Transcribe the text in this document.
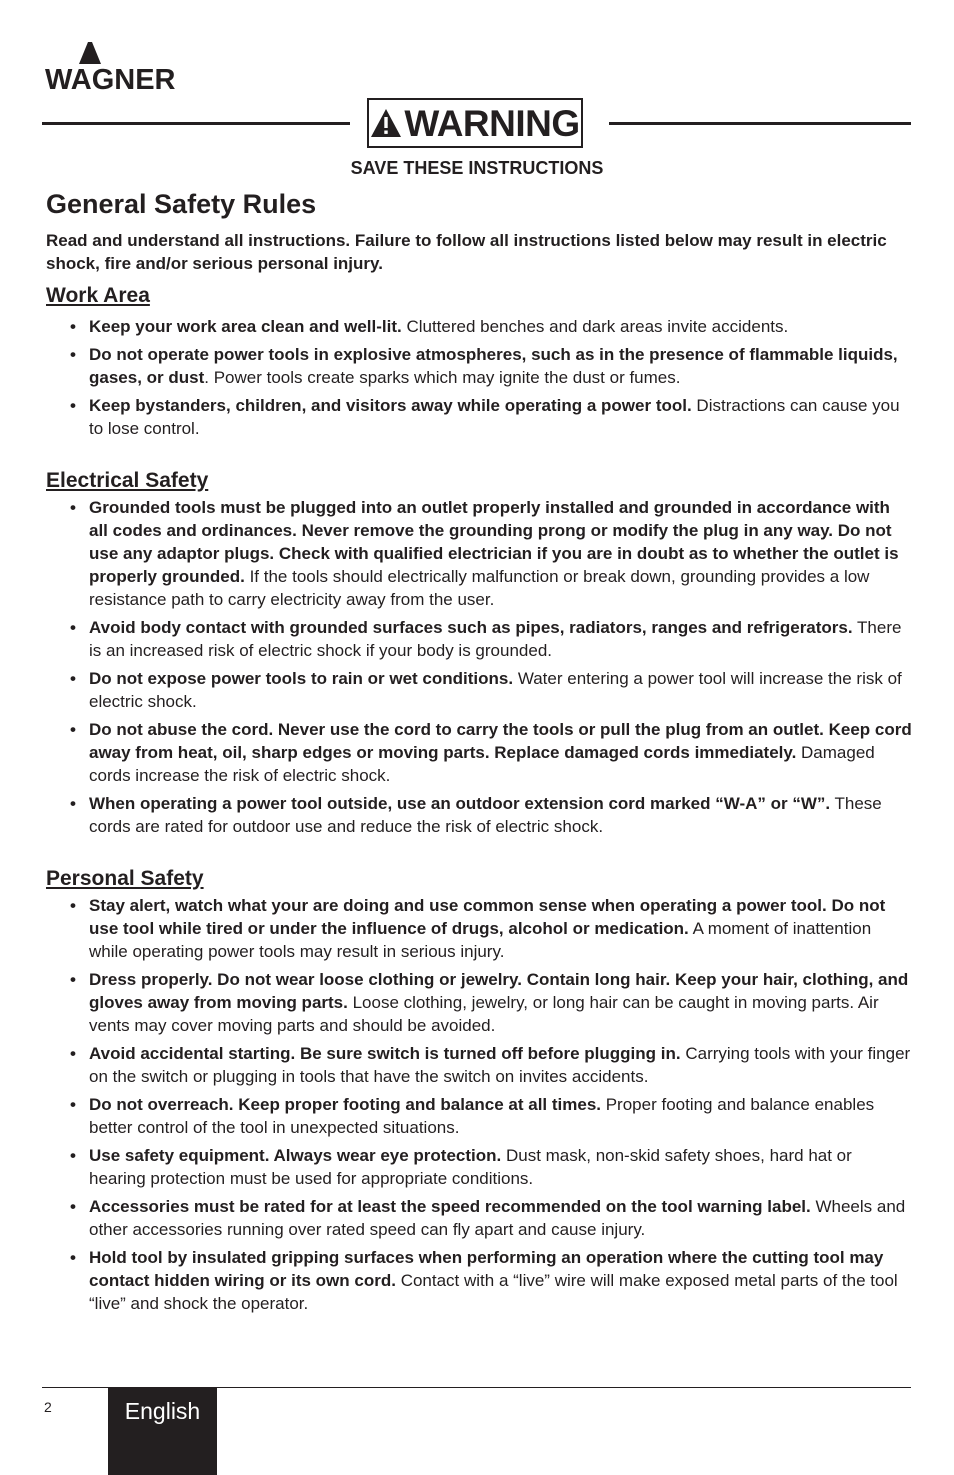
WAGNER
WARNING
SAVE THESE INSTRUCTIONS
General Safety Rules

Read and understand all instructions. Failure to follow all instructions listed below may result in electric shock, fire and/or serious personal injury.

Work Area
• Keep your work area clean and well-lit. Cluttered benches and dark areas invite accidents.
• Do not operate power tools in explosive atmospheres, such as in the presence of flammable liquids, gases, or dust. Power tools create sparks which may ignite the dust or fumes.
• Keep bystanders, children, and visitors away while operating a power tool. Distractions can cause you to lose control.
Electrical Safety
• Grounded tools must be plugged into an outlet properly installed and grounded in accordance with all codes and ordinances. Never remove the grounding prong or modify the plug in any way. Do not use any adaptor plugs. Check with qualified electrician if you are in doubt as to whether the outlet is properly grounded. If the tools should electrically malfunction or break down, grounding provides a low resistance path to carry electricity away from the user.
• Avoid body contact with grounded surfaces such as pipes, radiators, ranges and refrigerators. There is an increased risk of electric shock if your body is grounded.
• Do not expose power tools to rain or wet conditions. Water entering a power tool will increase the risk of electric shock.
• Do not abuse the cord. Never use the cord to carry the tools or pull the plug from an outlet. Keep cord away from heat, oil, sharp edges or moving parts. Replace damaged cords immediately. Damaged cords increase the risk of electric shock.
• When operating a power tool outside, use an outdoor extension cord marked “W-A” or “W”. These cords are rated for outdoor use and reduce the risk of electric shock.
Personal Safety
• Stay alert, watch what your are doing and use common sense when operating a power tool. Do not use tool while tired or under the influence of drugs, alcohol or medication. A moment of inattention while operating power tools may result in serious injury.
• Dress properly. Do not wear loose clothing or jewelry. Contain long hair. Keep your hair, clothing, and gloves away from moving parts. Loose clothing, jewelry, or long hair can be caught in moving parts. Air vents may cover moving parts and should be avoided.
• Avoid accidental starting. Be sure switch is turned off before plugging in. Carrying tools with your finger on the switch or plugging in tools that have the switch on invites accidents.
• Do not overreach. Keep proper footing and balance at all times. Proper footing and balance enables better control of the tool in unexpected situations.
• Use safety equipment. Always wear eye protection. Dust mask, non-skid safety shoes, hard hat or hearing protection must be used for appropriate conditions.
• Accessories must be rated for at least the speed recommended on the tool warning label. Wheels and other accessories running over rated speed can fly apart and cause injury.
• Hold tool by insulated gripping surfaces when performing an operation where the cutting tool may contact hidden wiring or its own cord. Contact with a “live” wire will make exposed metal parts of the tool “live” and shock the operator.
2	English
